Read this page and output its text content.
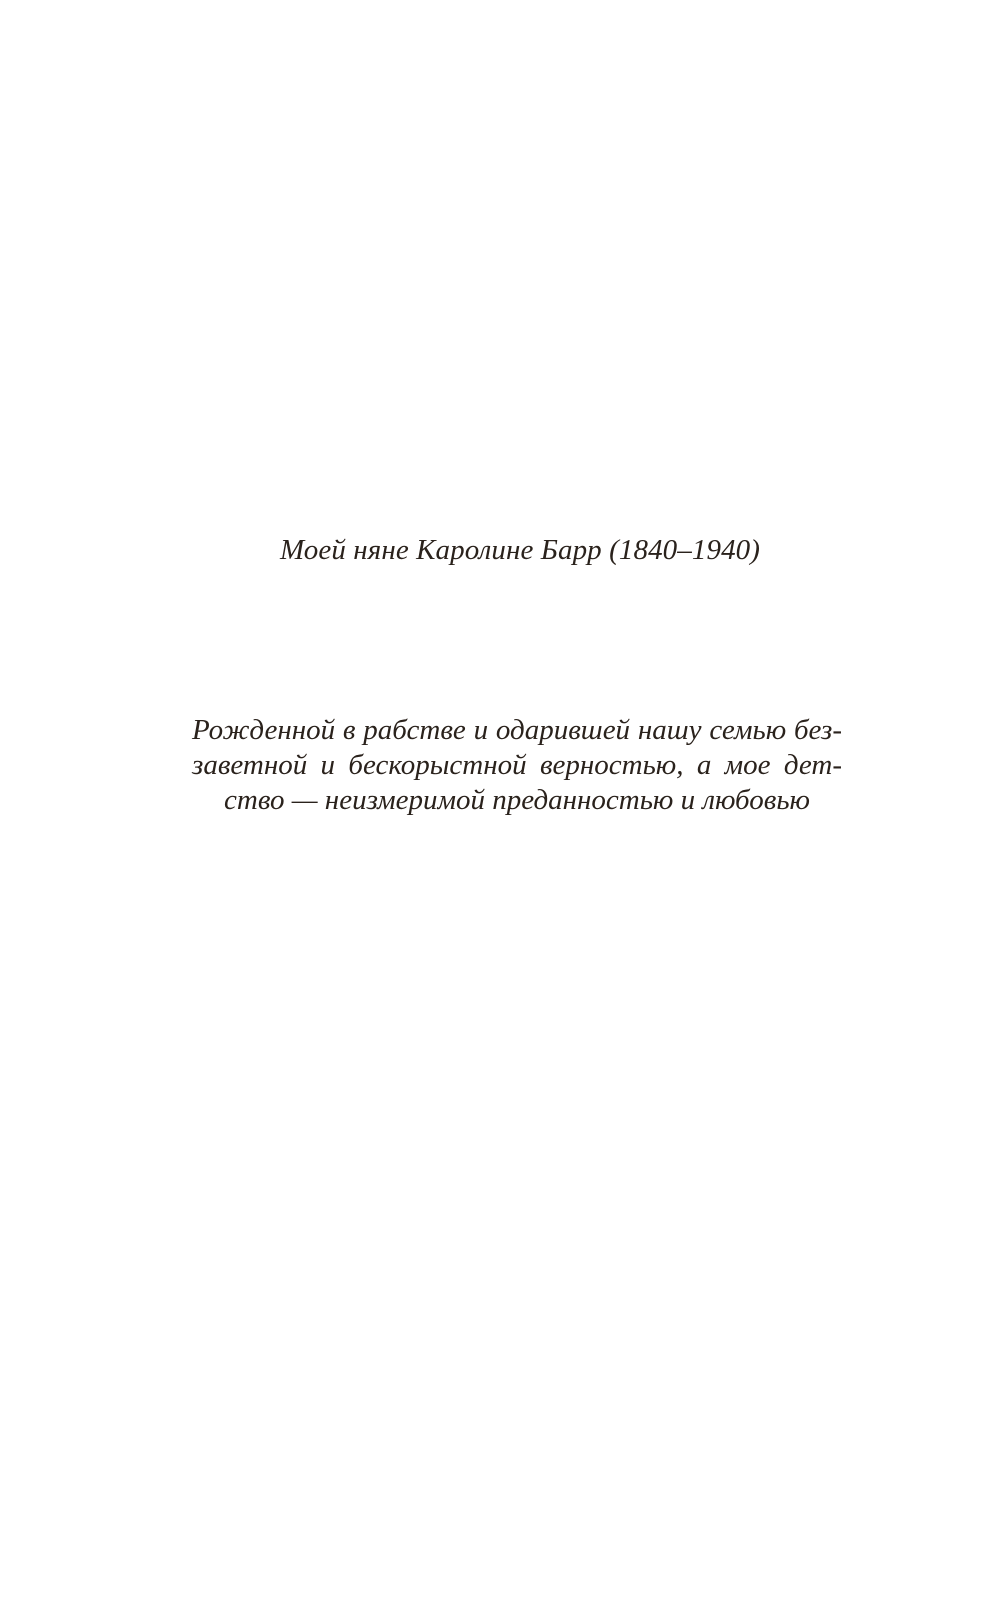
Моей няне Каролине Барр (1840–1940)
Рожденной в рабстве и одарившей нашу семью без-
заветной и бескорыстной верностью, а мое дет-
ство — неизмеримой преданностью и любовью
